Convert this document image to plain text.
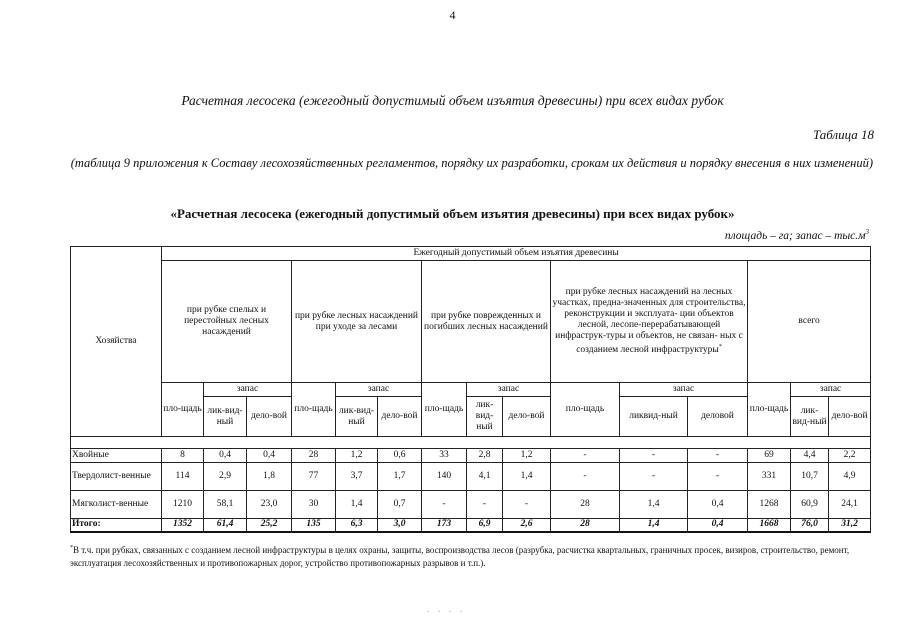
4
Расчетная лесосека (ежегодный допустимый объем изъятия древесины) при всех видах рубок
Таблица 18
(таблица 9 приложения к Составу лесохозяйственных регламентов, порядку их разработки, срокам их действия и порядку внесения в них изменений)
«Расчетная лесосека (ежегодный допустимый объем изъятия древесины) при всех видах рубок»
площадь – га; запас – $тыс.м^3$
Хозяйства	Ежегодный допустимый объем изъятия древесины														
	при рубке спелых и перестойных лесных насаждений			при рубке лесных насаждений при уходе за лесами			при рубке поврежденных и погибших лесных насаждений			при рубке лесных насаждений на лесных участках, предна-значенных для строительства, реконструкции и эксплуата- ции объектов лесной, лесопе-перерабатывающей инфраструк-туры и объектов, не связан- ных с созданием лесной инфраструктуры*			всего		
	пло-щадь	запас		пло-щадь	запас		пло-щадь	запас		пло-щадь	запас		пло-щадь	запас	
		лик-вид-ный	дело-вой		лик-вид-ный	дело-вой		лик-вид-ный	дело-вой		ликвид-ный	деловой		лик-вид-ный	дело-вой

Хвойные	8	0,4	0,4	28	1,2	0,6	33	2,8	1,2	-	-	-	69	4,4	2,2
Твердолист-венные	114	2,9	1,8	77	3,7	1,7	140	4,1	1,4	-	-	-	331	10,7	4,9
Мягколист-венные	1210	58,1	23,0	30	1,4	0,7	-	-	-	28	1,4	0,4	1268	60,9	24,1
Итого:	1352	61,4	25,2	135	6,3	3,0	173	6,9	2,6	28	1,4	0,4	1668	76,0	31,2
*В т.ч. при рубках, связанных с созданием лесной инфраструктуры в целях охраны, защиты, воспроизводства лесов (разрубка, расчистка квартальных, граничных просек, визиров, строительство, ремонт, эксплуатация лесохозяйственных и противопожарных дорог, устройство противопожарных разрывов и т.п.).
. . . .
